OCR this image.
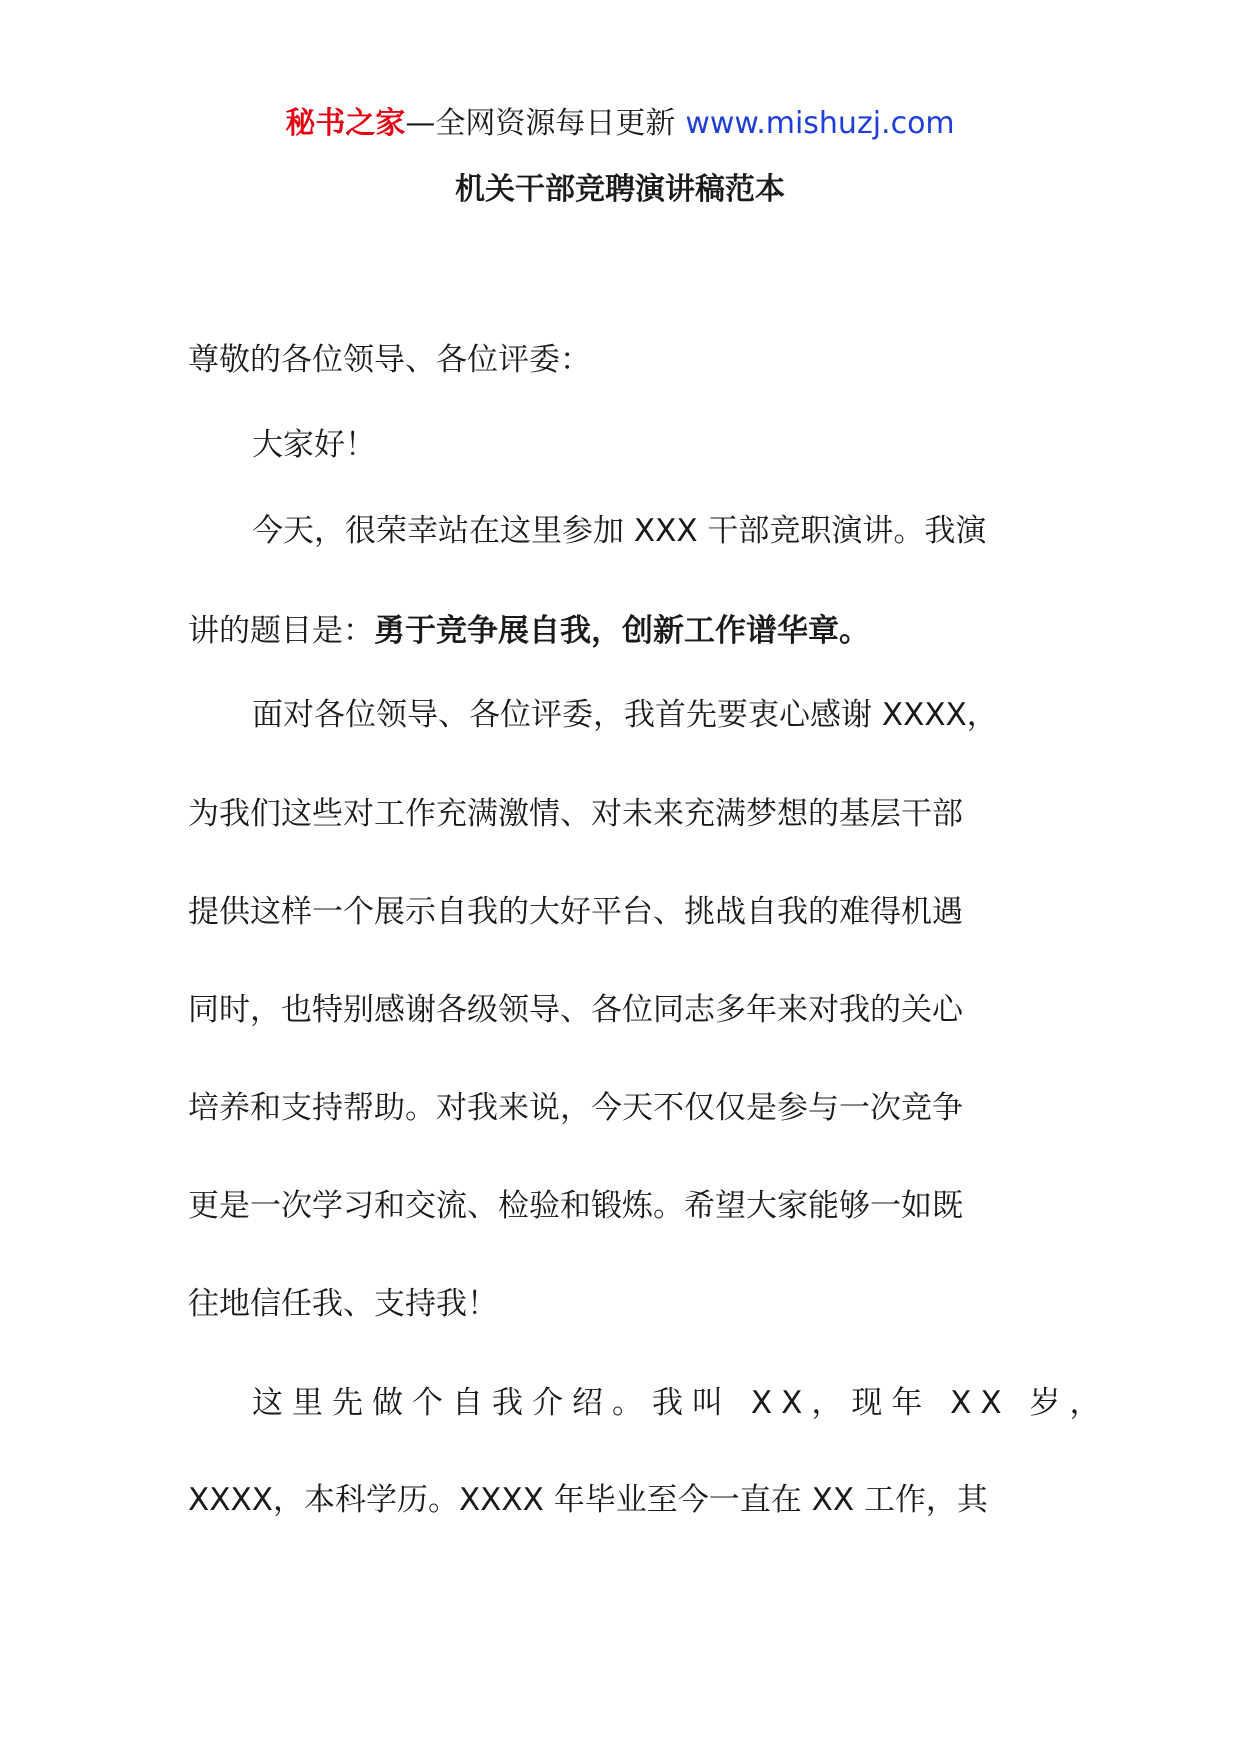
秘书之家—全网资源每日更新 www.mishuzj.com
机关干部竞聘演讲稿范本
尊敬的各位领导、各位评委：
大家好！
今天，很荣幸站在这里参加 XXX 干部竞职演讲。我演
讲的题目是：勇于竞争展自我，创新工作谱华章。
面对各位领导、各位评委，我首先要衷心感谢 XXXX，
为我们这些对工作充满激情、对未来充满梦想的基层干部
提供这样一个展示自我的大好平台、挑战自我的难得机遇
同时，也特别感谢各级领导、各位同志多年来对我的关心
培养和支持帮助。对我来说，今天不仅仅是参与一次竞争
更是一次学习和交流、检验和锻炼。希望大家能够一如既
往地信任我、支持我！
这里先做个自我介绍。我叫 XX，现年 XX 岁，
XXXX，本科学历。XXXX 年毕业至今一直在 XX 工作，其
